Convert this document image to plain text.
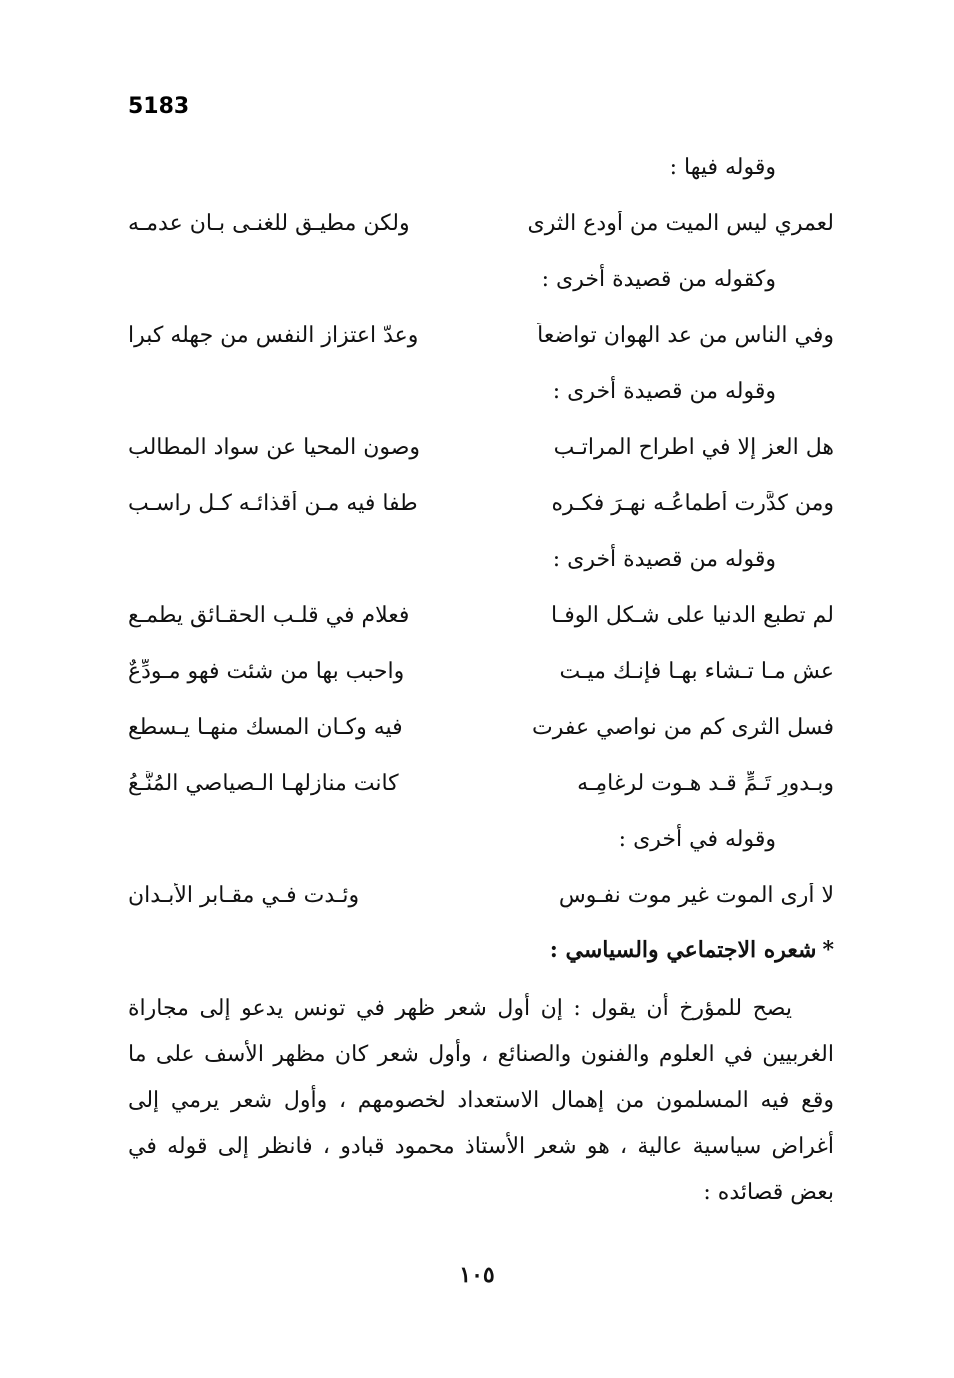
5183
وقوله فيها :
لعمري ليس الميت من أودع الثرى
ولكن مطيـق للغنـى بـان عدمـه
وكقوله من قصيدة أخرى :
وفي الناس من عد الهوان تواضعاً
وعدّ اعتزاز النفس من جهله كبرا
وقوله من قصيدة أخرى :
هل العز إلا في اطراح المراتـب
وصون المحيا عن سواد المطالب
ومن كدَّرت أطماعُـه نهـرَ فكـره
طفا فيه مـن أقذائـه كـل راسـب
وقوله من قصيدة أخرى :
لم تطبع الدنيا على شـكل الوفـا
فعلام في قلـب الحقـائق يطمـع
عش مـا تـشاء بهـا فإنـك ميـت
واحبب بها من شئت فهو مـودِّعٌ
فسل الثرى كم من نواصي عفرت
فيه وكـان المسك منهـا يـسطع
وبـدورِ تَـمٍّ قـد هـوت لرغامِـه
كانت منازلهـا الـصياصي المُنَّـعُ
وقوله في أخرى :
لا أرى الموت غير موت نفـوسٍ
وئـدت فـي مقـابر الأبـدان
*
شعره الاجتماعي والسياسي :
يصح للمؤرخ أن يقول : إن أول شعر ظهر في تونس يدعو إلى مجاراة الغربيين في العلوم والفنون والصنائع ، وأول شعر كان مظهر الأسف على ما وقع فيه المسلمون من إهمال الاستعداد لخصومهم ، وأول شعر يرمي إلى أغراض سياسية عالية ، هو شعر الأستاذ محمود قبادو ، فانظر إلى قوله في بعض قصائده :
١٠٥
